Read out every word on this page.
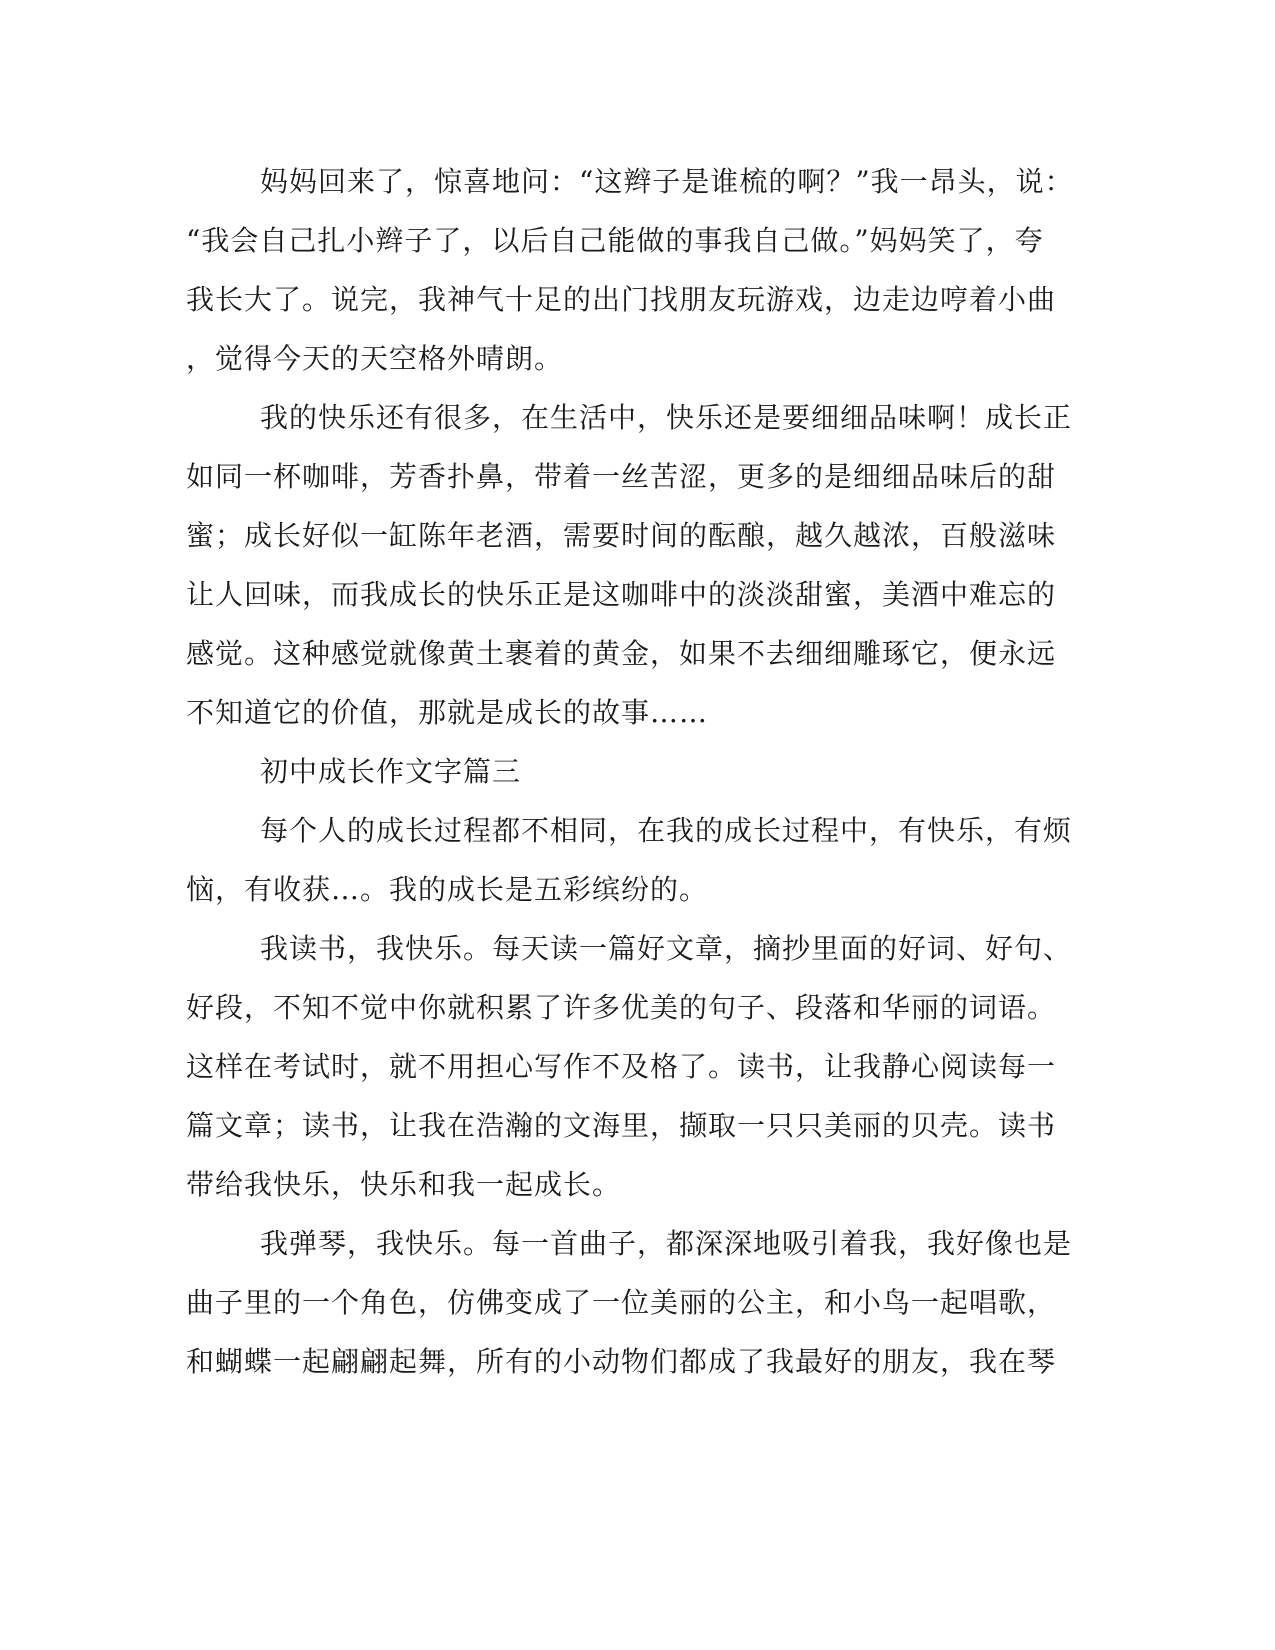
妈妈回来了，惊喜地问：“这辫子是谁梳的啊？”我一昂头，说：
“我会自己扎小辫子了，以后自己能做的事我自己做。”妈妈笑了，夸
我长大了。说完，我神气十足的出门找朋友玩游戏，边走边哼着小曲
，觉得今天的天空格外晴朗。
我的快乐还有很多，在生活中，快乐还是要细细品味啊！成长正
如同一杯咖啡，芳香扑鼻，带着一丝苦涩，更多的是细细品味后的甜
蜜；成长好似一缸陈年老酒，需要时间的酝酿，越久越浓，百般滋味
让人回味，而我成长的快乐正是这咖啡中的淡淡甜蜜，美酒中难忘的
感觉。这种感觉就像黄土裹着的黄金，如果不去细细雕琢它，便永远
不知道它的价值，那就是成长的故事……
初中成长作文字篇三
每个人的成长过程都不相同，在我的成长过程中，有快乐，有烦
恼，有收获…。我的成长是五彩缤纷的。
我读书，我快乐。每天读一篇好文章，摘抄里面的好词、好句、
好段，不知不觉中你就积累了许多优美的句子、段落和华丽的词语。
这样在考试时，就不用担心写作不及格了。读书，让我静心阅读每一
篇文章；读书，让我在浩瀚的文海里，撷取一只只美丽的贝壳。读书
带给我快乐，快乐和我一起成长。
我弹琴，我快乐。每一首曲子，都深深地吸引着我，我好像也是
曲子里的一个角色，仿佛变成了一位美丽的公主，和小鸟一起唱歌，
和蝴蝶一起翩翩起舞，所有的小动物们都成了我最好的朋友，我在琴
